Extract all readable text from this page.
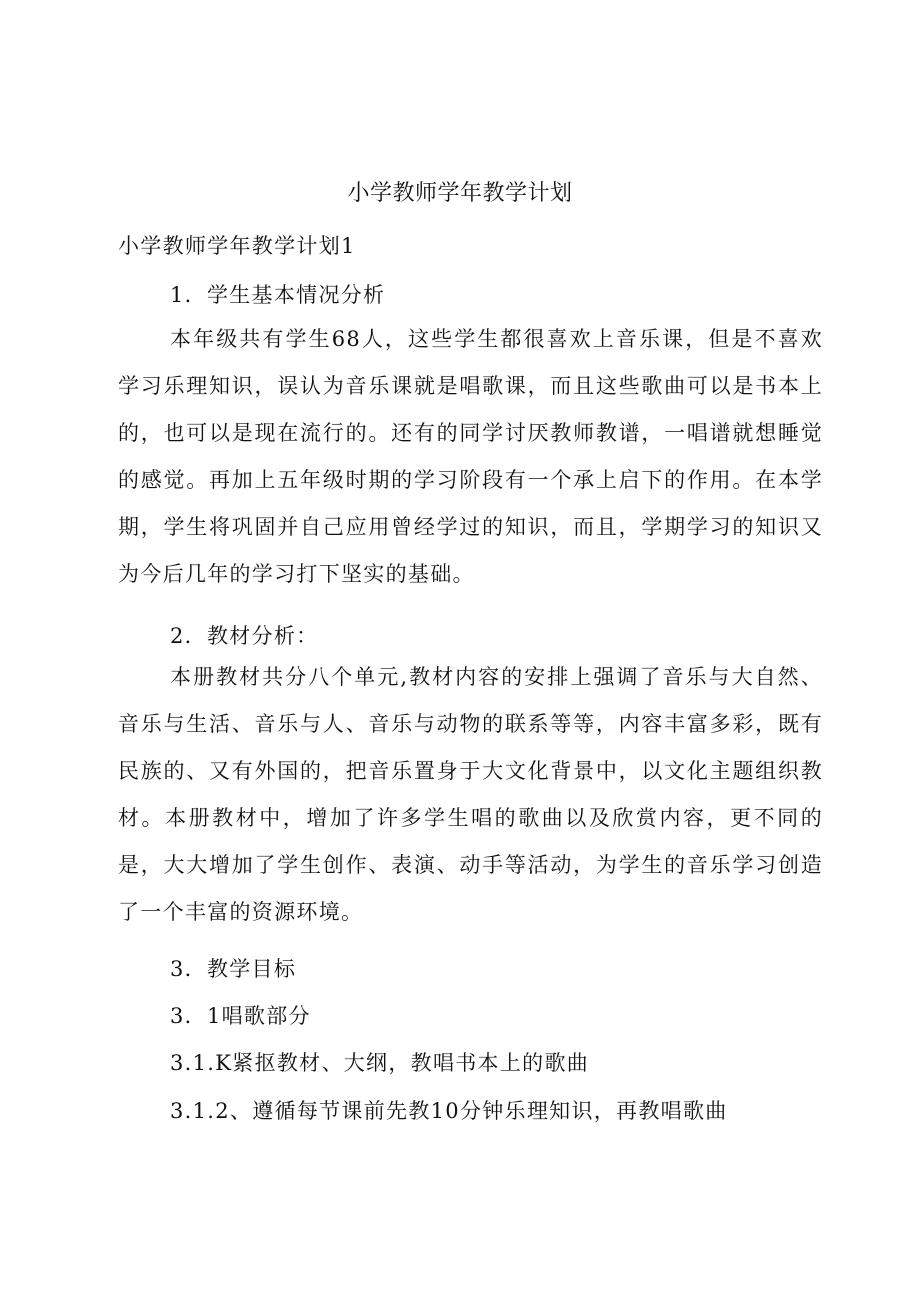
小学教师学年教学计划

小学教师学年教学计划1

1．学生基本情况分析

本年级共有学生68人，这些学生都很喜欢上音乐课，但是不喜欢学习乐理知识，误认为音乐课就是唱歌课，而且这些歌曲可以是书本上的，也可以是现在流行的。还有的同学讨厌教师教谱，一唱谱就想睡觉的感觉。再加上五年级时期的学习阶段有一个承上启下的作用。在本学期，学生将巩固并自己应用曾经学过的知识，而且，学期学习的知识又为今后几年的学习打下坚实的基础。

2．教材分析：

本册教材共分八个单元,教材内容的安排上强调了音乐与大自然、音乐与生活、音乐与人、音乐与动物的联系等等，内容丰富多彩，既有民族的、又有外国的，把音乐置身于大文化背景中，以文化主题组织教材。本册教材中，增加了许多学生唱的歌曲以及欣赏内容，更不同的是，大大增加了学生创作、表演、动手等活动，为学生的音乐学习创造了一个丰富的资源环境。

3．教学目标

3．1唱歌部分

3.1.K紧抠教材、大纲，教唱书本上的歌曲

3.1.2、遵循每节课前先教10分钟乐理知识，再教唱歌曲
